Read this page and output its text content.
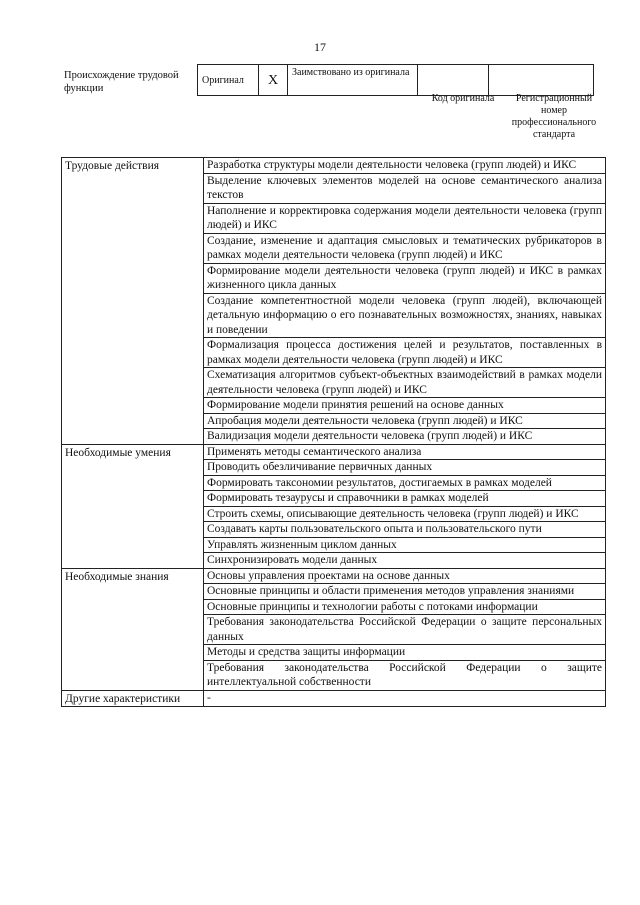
17
Происхождение трудовой функции
Оригинал	X	Заимствовано из оригинала		
Код оригинала	Регистрационный номер профессионального стандарта
Трудовые действия	Разработка структуры модели деятельности человека (групп людей) и ИКС
	Выделение ключевых элементов моделей на основе семантического анализа текстов
	Наполнение и корректировка содержания модели деятельности человека (групп людей) и ИКС
	Создание, изменение и адаптация смысловых и тематических рубрикаторов в рамках модели деятельности человека (групп людей) и ИКС
	Формирование модели деятельности человека (групп людей) и ИКС в рамках жизненного цикла данных
	Создание компетентностной модели человека (групп людей), включающей детальную информацию о его познавательных возможностях, знаниях, навыках и поведении
	Формализация процесса достижения целей и результатов, поставленных в рамках модели деятельности человека (групп людей) и ИКС
	Схематизация алгоритмов субъект-объектных взаимодействий в рамках модели деятельности человека (групп людей) и ИКС
	Формирование модели принятия решений на основе данных
	Апробация модели деятельности человека (групп людей) и ИКС
	Валидизация модели деятельности человека (групп людей) и ИКС
Необходимые умения	Применять методы семантического анализа
	Проводить обезличивание первичных данных
	Формировать таксономии результатов, достигаемых в рамках моделей
	Формировать тезаурусы и справочники в рамках моделей
	Строить схемы, описывающие деятельность человека (групп людей) и ИКС
	Создавать карты пользовательского опыта и пользовательского пути
	Управлять жизненным циклом данных
	Синхронизировать модели данных
Необходимые знания	Основы управления проектами на основе данных
	Основные принципы и области применения методов управления знаниями
	Основные принципы и технологии работы с потоками информации
	Требования законодательства Российской Федерации о защите персональных данных
	Методы и средства защиты информации
	Требования законодательства Российской Федерации о защите интеллектуальной собственности
Другие характеристики	-
